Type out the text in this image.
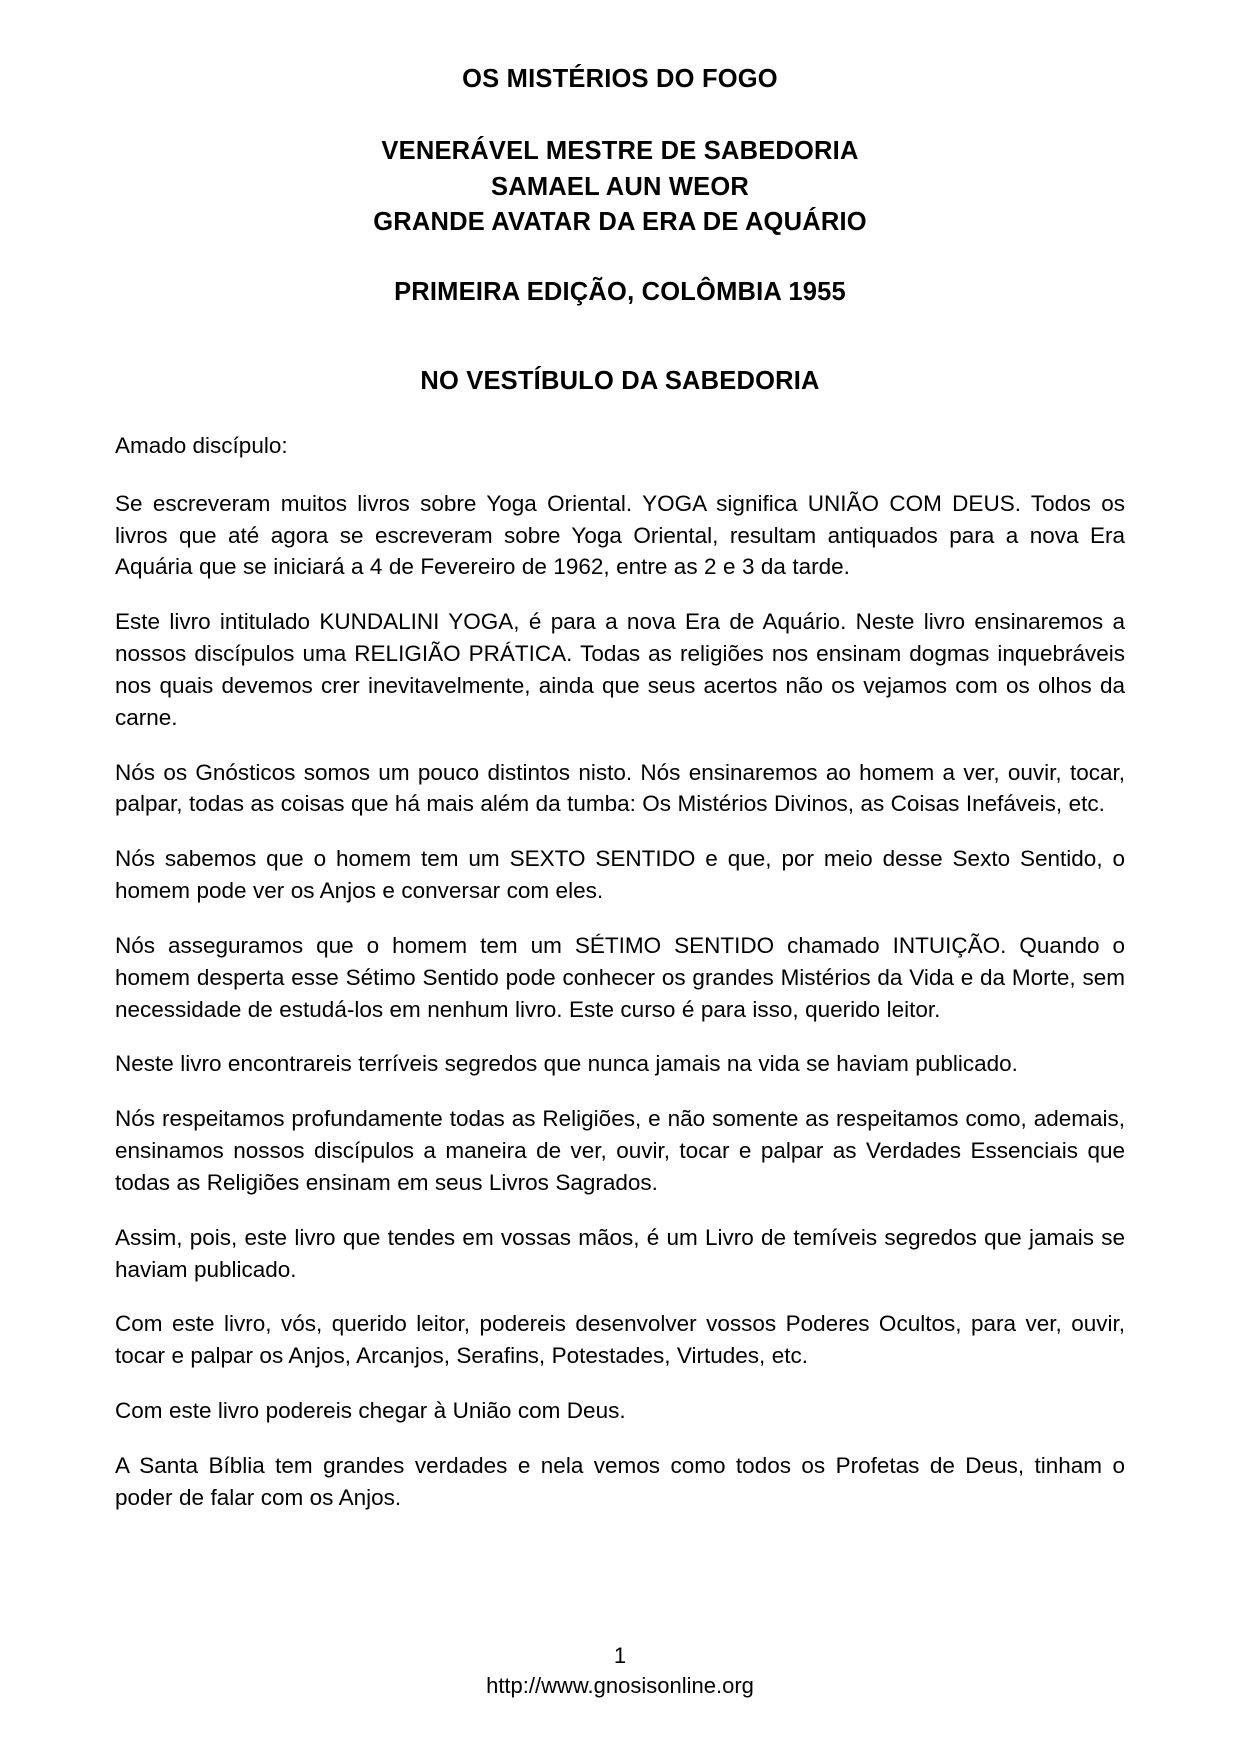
OS MISTÉRIOS DO FOGO
VENERÁVEL MESTRE DE SABEDORIA
SAMAEL AUN WEOR
GRANDE AVATAR DA ERA DE AQUÁRIO
PRIMEIRA EDIÇÃO, COLÔMBIA 1955
NO VESTÍBULO DA SABEDORIA

Amado discípulo:

Se escreveram muitos livros sobre Yoga Oriental. YOGA significa UNIÃO COM DEUS. Todos os livros que até agora se escreveram sobre Yoga Oriental, resultam antiquados para a nova Era Aquária que se iniciará a 4 de Fevereiro de 1962, entre as 2 e 3 da tarde.

Este livro intitulado KUNDALINI YOGA, é para a nova Era de Aquário. Neste livro ensinaremos a nossos discípulos uma RELIGIÃO PRÁTICA. Todas as religiões nos ensinam dogmas inquebráveis nos quais devemos crer inevitavelmente, ainda que seus acertos não os vejamos com os olhos da carne.

Nós os Gnósticos somos um pouco distintos nisto. Nós ensinaremos ao homem a ver, ouvir, tocar, palpar, todas as coisas que há mais além da tumba: Os Mistérios Divinos, as Coisas Inefáveis, etc.

Nós sabemos que o homem tem um SEXTO SENTIDO e que, por meio desse Sexto Sentido, o homem pode ver os Anjos e conversar com eles.

Nós asseguramos que o homem tem um SÉTIMO SENTIDO chamado INTUIÇÃO. Quando o homem desperta esse Sétimo Sentido pode conhecer os grandes Mistérios da Vida e da Morte, sem necessidade de estudá-los em nenhum livro. Este curso é para isso, querido leitor.

Neste livro encontrareis terríveis segredos que nunca jamais na vida se haviam publicado.

Nós respeitamos profundamente todas as Religiões, e não somente as respeitamos como, ademais, ensinamos nossos discípulos a maneira de ver, ouvir, tocar e palpar as Verdades Essenciais que todas as Religiões ensinam em seus Livros Sagrados.

Assim, pois, este livro que tendes em vossas mãos, é um Livro de temíveis segredos que jamais se haviam publicado.

Com este livro, vós, querido leitor, podereis desenvolver vossos Poderes Ocultos, para ver, ouvir, tocar e palpar os Anjos, Arcanjos, Serafins, Potestades, Virtudes, etc.

Com este livro podereis chegar à União com Deus.

A Santa Bíblia tem grandes verdades e nela vemos como todos os Profetas de Deus, tinham o poder de falar com os Anjos.

1
http://www.gnosisonline.org
